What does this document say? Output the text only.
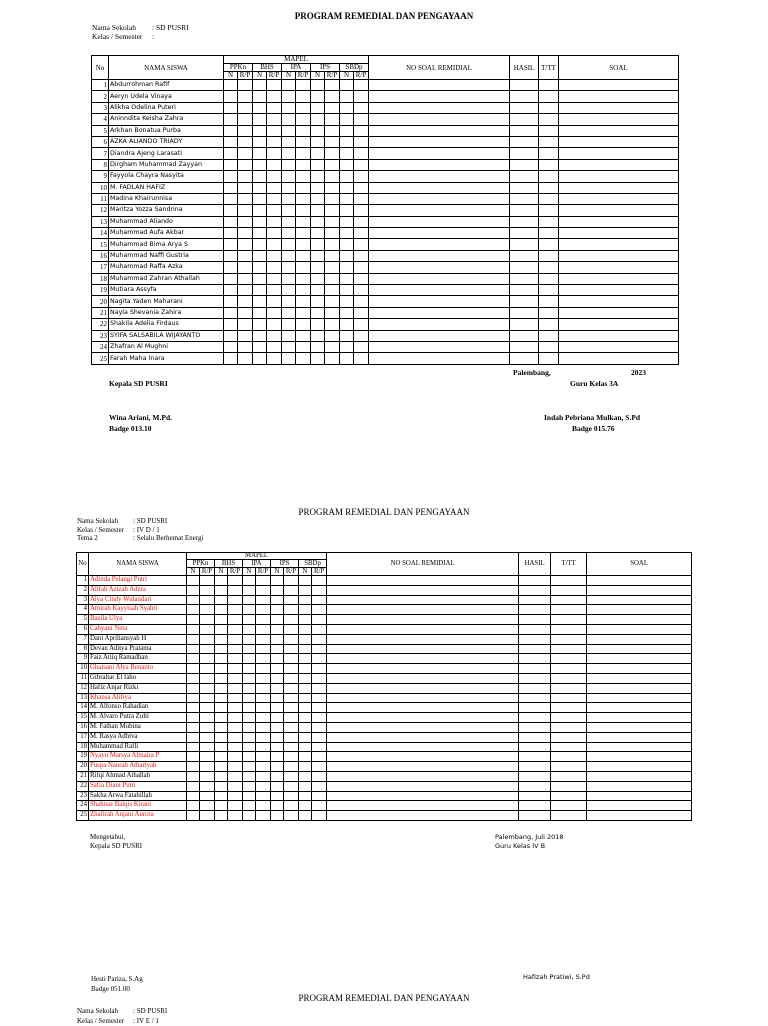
PROGRAM REMEDIAL DAN PENGAYAAN
Nama Sekolah : SD PUSRI
Kelas / Semester :
No	NAMA SISWA	MAPEL										NO SOAL REMIDIAL	HASIL	T/TT	SOAL
		PPKn		BHS		IPA		IPS		SBDp					
		N	R/P	N	R/P	N	R/P	N	R/P	N	R/P				
1	Abdurrohman Rafif														
2	Aeryn Udela Vinaya														
3	Alikha Odelina Puteri														
4	Aninndita Keisha Zahra														
5	Arkhan Bonatua Purba														
6	AZKA ALIANDO TRIADY														
7	Diandra Ajeng Larasati														
8	Dirgham Muhammad Zayyan														
9	Fayyola Chayra Nasyita														
10	M. FADLAN HAFIZ														
11	Madina Khairunnisa														
12	Maritza Yozza Sandrina														
13	Muhammad Aliando														
14	Muhammad Aufa Akbar														
15	Muhammad Bima Arya S														
16	Muhammad Naffi Gustria														
17	Muhammad Raffa Azka														
18	Muhammad Zahran Athallah														
19	Mutiara Assyfa														
20	Nagita Yaden Maharani														
21	Nayla Shevania Zahira														
22	Shakila Adelia Firdaus														
23	SYIFA SALSABILA WIJAYANTO														
24	Zhafran Al Mughni														
25	Farah Maha Inara														
Palembang,	2023
Kepala SD PUSRI	Guru Kelas 3A
Wina Ariani, M.Pd.
Badge 013.10
Indah Pebriana Mulkan, S.Pd
Badge 015.76
PROGRAM REMEDIAL DAN PENGAYAAN
Nama Sekolah : SD PUSRI
Kelas / Semester : IV D / 1
Tema 2	: Selalu Berhemat Energi
No	NAMA SISWA	MAPEL										NO SOAL REMIDIAL	HASIL	T/TT	SOAL
		PPKn		BHS		IPA		IPS		SBDp					
		N	R/P	N	R/P	N	R/P	N	R/P	N	R/P				
1	Adinda Pelangi Putri														
2	Alifah Azizah Adzra														
3	Alya Cindy Wulandari														
4	Amirah Kayyisah Syahti														
5	Bazila Ulya														
6	Cahyani Neta														
7	Dani Apriliansyah H														
8	Devan Aditya Pratama														
9	Faiz Atiiq Ramadhan														
10	Ghaisani Alya Renanto														
11	Gibraltar El faho														
12	Hafiz Anjar Rizki														
13	Khansa Alifiya														
14	M. Alfonso Rahadian														
15	M. Alvaro Putra Zulti														
16	M. Fathan Mubina														
17	M. Rasya Adhiva														
18	Muhammad Rafli														
19	Nyayu Marsya Almaira P														
20	Puspa Naurah Athariyah														
21	Rifqi Ahmad Athallah														
22	Safia Diani Putri														
23	Sakha Arwa Fatahillah														
24	Shahnaz Balqis Kirani														
25	Zhafirah Anjani Aurora														
Mengetahui,
Kepala SD PUSRI
Palembang, Juli 2018
Guru Kelas IV B
Hesti Pariza, S.Ag
Badge 051.00
Hafizah Pratiwi, S.Pd
PROGRAM REMEDIAL DAN PENGAYAAN
Nama Sekolah : SD PUSRI
Kelas / Semester : IV E / 1
